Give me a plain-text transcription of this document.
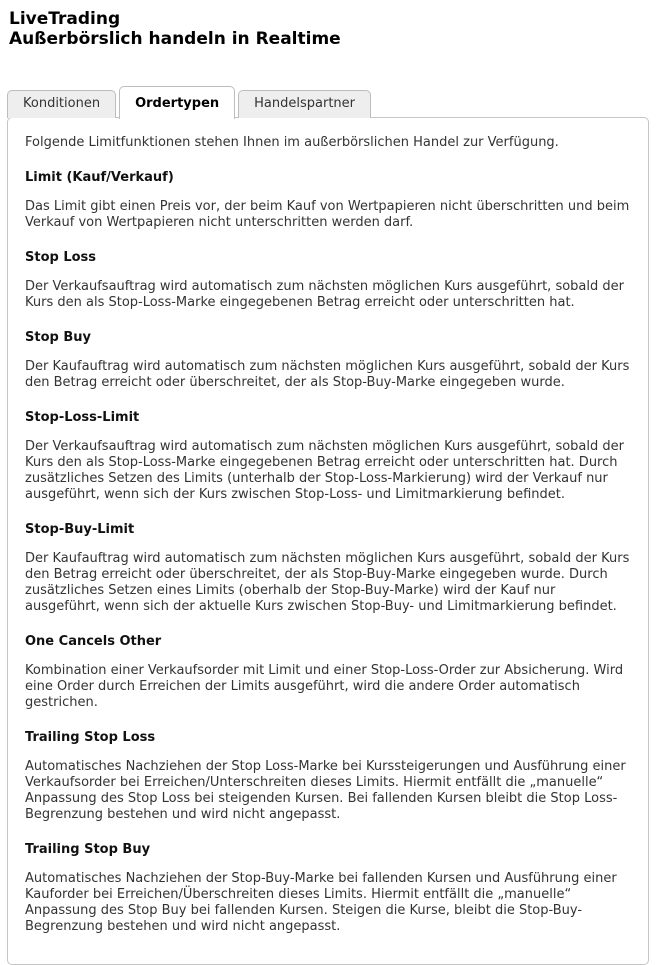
LiveTrading
Außerbörslich handeln in Realtime
Konditionen	Ordertypen	Handelspartner

Folgende Limitfunktionen stehen Ihnen im außerbörslichen Handel zur Verfügung.

Limit (Kauf/Verkauf)

Das Limit gibt einen Preis vor, der beim Kauf von Wertpapieren nicht überschritten und beim Verkauf von Wertpapieren nicht unterschritten werden darf.

Stop Loss

Der Verkaufsauftrag wird automatisch zum nächsten möglichen Kurs ausgeführt, sobald der Kurs den als Stop-Loss-Marke eingegebenen Betrag erreicht oder unterschritten hat.

Stop Buy

Der Kaufauftrag wird automatisch zum nächsten möglichen Kurs ausgeführt, sobald der Kurs den Betrag erreicht oder überschreitet, der als Stop-Buy-Marke eingegeben wurde.

Stop-Loss-Limit

Der Verkaufsauftrag wird automatisch zum nächsten möglichen Kurs ausgeführt, sobald der Kurs den als Stop-Loss-Marke eingegebenen Betrag erreicht oder unterschritten hat. Durch zusätzliches Setzen des Limits (unterhalb der Stop-Loss-Markierung) wird der Verkauf nur ausgeführt, wenn sich der Kurs zwischen Stop-Loss- und Limitmarkierung befindet.

Stop-Buy-Limit

Der Kaufauftrag wird automatisch zum nächsten möglichen Kurs ausgeführt, sobald der Kurs den Betrag erreicht oder überschreitet, der als Stop-Buy-Marke eingegeben wurde. Durch zusätzliches Setzen eines Limits (oberhalb der Stop-Buy-Marke) wird der Kauf nur ausgeführt, wenn sich der aktuelle Kurs zwischen Stop-Buy- und Limitmarkierung befindet.

One Cancels Other

Kombination einer Verkaufsorder mit Limit und einer Stop-Loss-Order zur Absicherung. Wird eine Order durch Erreichen der Limits ausgeführt, wird die andere Order automatisch gestrichen.

Trailing Stop Loss

Automatisches Nachziehen der Stop Loss-Marke bei Kurssteigerungen und Ausführung einer Verkaufsorder bei Erreichen/Unterschreiten dieses Limits. Hiermit entfällt die „manuelle“ Anpassung des Stop Loss bei steigenden Kursen. Bei fallenden Kursen bleibt die Stop Loss-Begrenzung bestehen und wird nicht angepasst.

Trailing Stop Buy

Automatisches Nachziehen der Stop-Buy-Marke bei fallenden Kursen und Ausführung einer Kauforder bei Erreichen/Überschreiten dieses Limits. Hiermit entfällt die „manuelle“ Anpassung des Stop Buy bei fallenden Kursen. Steigen die Kurse, bleibt die Stop-Buy-Begrenzung bestehen und wird nicht angepasst.
